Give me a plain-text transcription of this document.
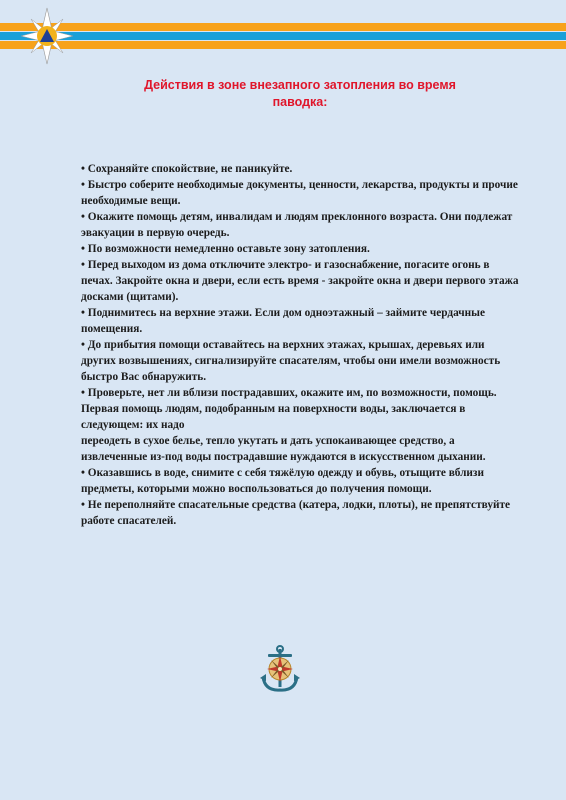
Действия в зоне внезапного затопления во время
паводка:

• Сохраняйте спокойствие, не паникуйте.

• Быстро соберите необходимые документы, ценности, лекарства, продукты и прочие необходимые вещи.

• Окажите помощь детям, инвалидам и людям преклонного возраста. Они подлежат эвакуации в первую очередь.

• По возможности немедленно оставьте зону затопления.

• Перед выходом из дома отключите электро- и газоснабжение, погасите огонь в печах. Закройте окна и двери, если есть время - закройте окна и двери первого этажа досками (щитами).

• Поднимитесь на верхние этажи. Если дом одноэтажный – займите чердачные помещения.

• До прибытия помощи оставайтесь на верхних этажах, крышах, деревьях или других возвышениях, сигнализируйте спасателям, чтобы они имели возможность быстро Вас обнаружить.

• Проверьте, нет ли вблизи пострадавших, окажите им, по возможности, помощь. Первая помощь людям, подобранным на поверхности воды, заключается в следующем: их надо

переодеть в сухое белье, тепло укутать и дать успокаивающее средство, а извлеченные из-под воды пострадавшие нуждаются в искусственном дыхании.

• Оказавшись в воде, снимите с себя тяжёлую одежду и обувь, отыщите вблизи предметы, которыми можно воспользоваться до получения помощи.

• Не переполняйте спасательные средства (катера, лодки, плоты), не препятствуйте работе спасателей.
